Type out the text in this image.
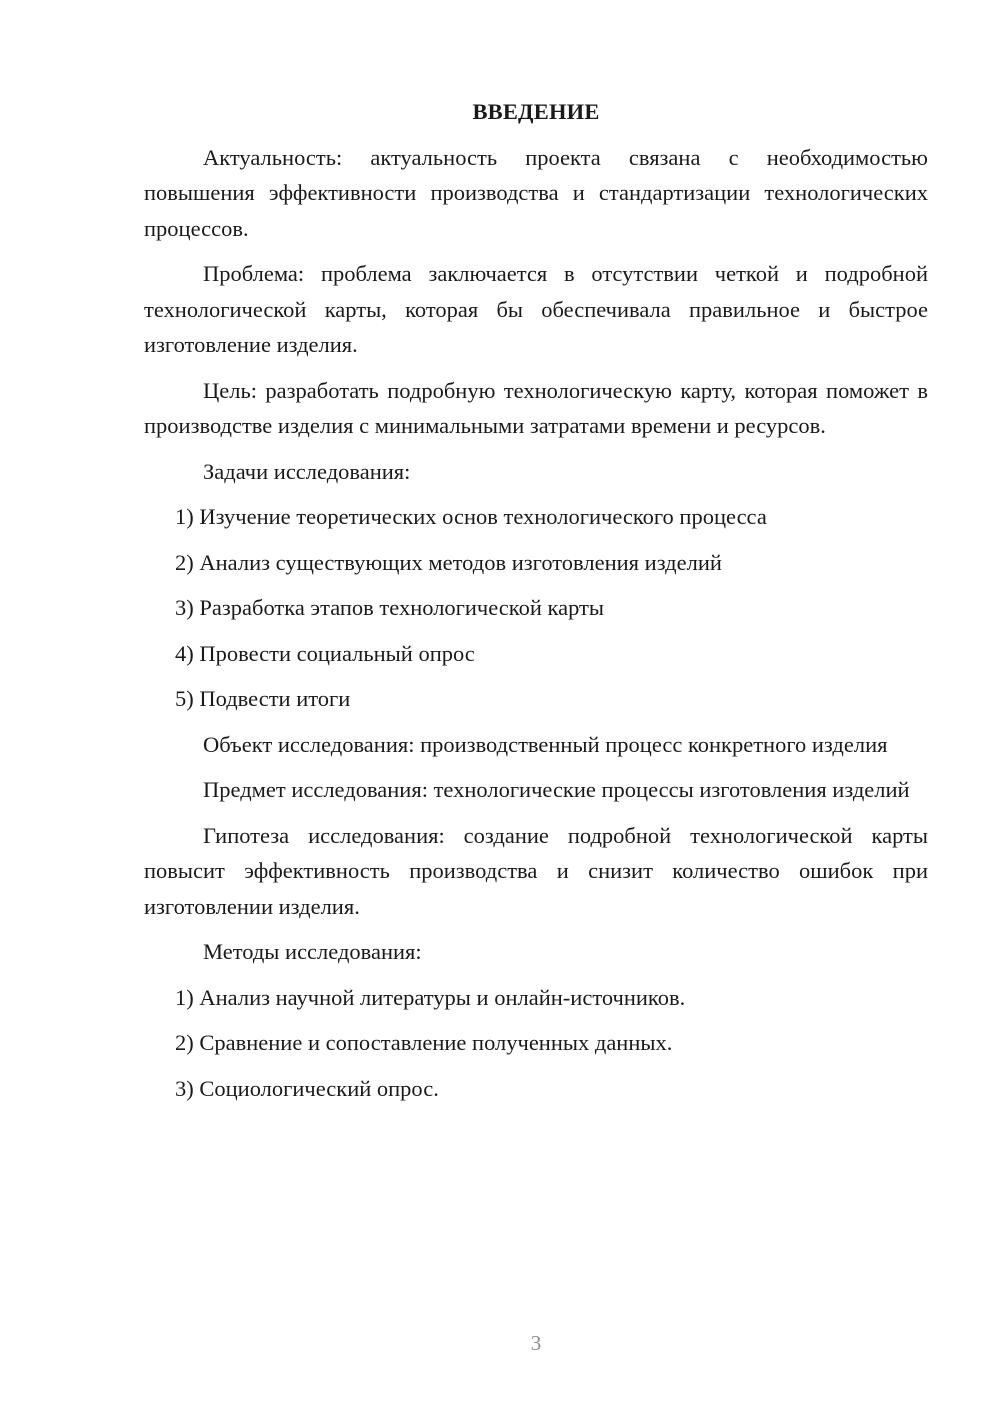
ВВЕДЕНИЕ

Актуальность: актуальность проекта связана с необходимостью повышения эффективности производства и стандартизации технологических процессов.

Проблема: проблема заключается в отсутствии четкой и подробной технологической карты, которая бы обеспечивала правильное и быстрое изготовление изделия.

Цель: разработать подробную технологическую карту, которая поможет в производстве изделия с минимальными затратами времени и ресурсов.

Задачи исследования:

1) Изучение теоретических основ технологического процесса

2) Анализ существующих методов изготовления изделий

3) Разработка этапов технологической карты

4) Провести социальный опрос

5) Подвести итоги

Объект исследования: производственный процесс конкретного изделия

Предмет исследования: технологические процессы изготовления изделий

Гипотеза исследования: создание подробной технологической карты повысит эффективность производства и снизит количество ошибок при изготовлении изделия.

Методы исследования:

1) Анализ научной литературы и онлайн-источников.

2) Сравнение и сопоставление полученных данных.

3) Социологический опрос.

3
